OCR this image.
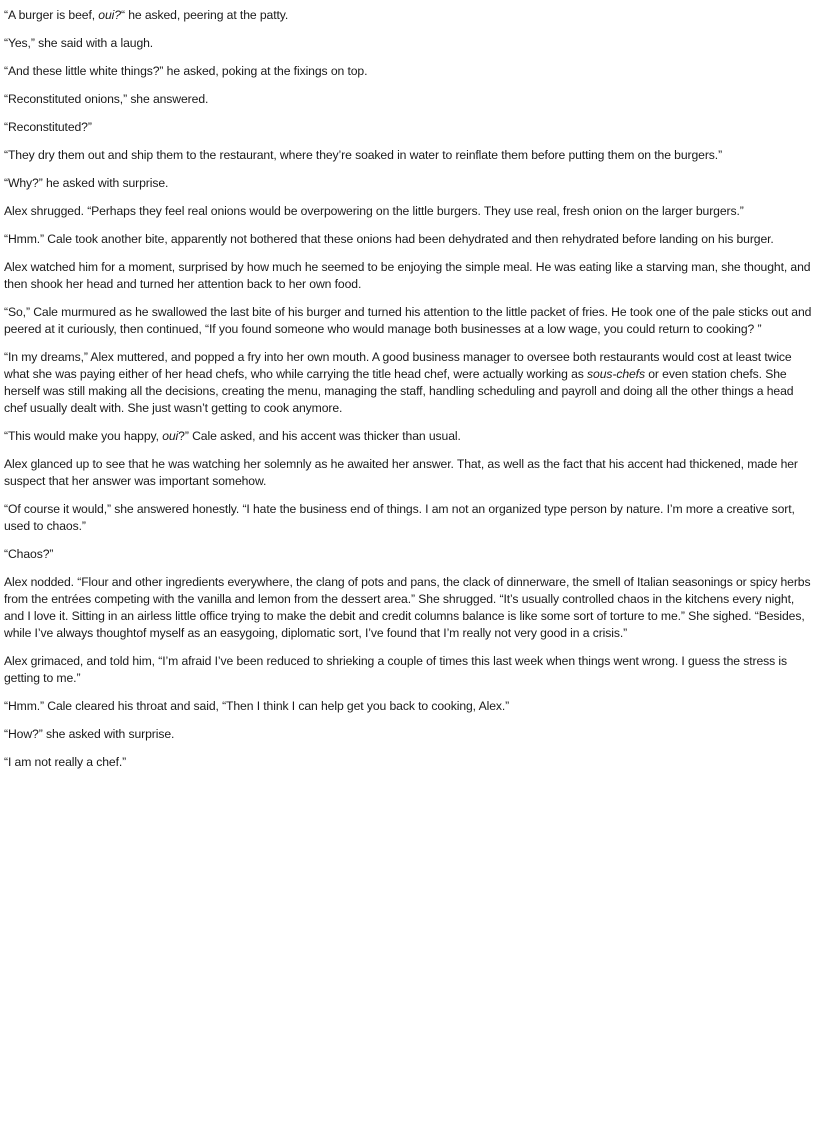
“A burger is beef, oui?“ he asked, peering at the patty.

“Yes,” she said with a laugh.

“And these little white things?” he asked, poking at the fixings on top.

“Reconstituted onions,” she answered.

“Reconstituted?”

“They dry them out and ship them to the restaurant, where they’re soaked in water to reinflate them before putting them on the burgers.”

“Why?” he asked with surprise.

Alex shrugged. “Perhaps they feel real onions would be overpowering on the little burgers. They use real, fresh onion on the larger burgers.”

“Hmm.” Cale took another bite, apparently not bothered that these onions had been dehydrated and then rehydrated before landing on his burger.

Alex watched him for a moment, surprised by how much he seemed to be enjoying the simple meal. He was eating like a starving man, she thought, and then shook her head and turned her attention back to her own food.

“So,” Cale murmured as he swallowed the last bite of his burger and turned his attention to the little packet of fries. He took one of the pale sticks out and peered at it curiously, then continued, “If you found someone who would manage both businesses at a low wage, you could return to cooking? ”

“In my dreams,” Alex muttered, and popped a fry into her own mouth. A good business manager to oversee both restaurants would cost at least twice what she was paying either of her head chefs, who while carrying the title head chef, were actually working as sous-chefs or even station chefs. She herself was still making all the decisions, creating the menu, managing the staff, handling scheduling and payroll and doing all the other things a head chef usually dealt with. She just wasn’t getting to cook anymore.

“This would make you happy, oui?” Cale asked, and his accent was thicker than usual.

Alex glanced up to see that he was watching her solemnly as he awaited her answer. That, as well as the fact that his accent had thickened, made her suspect that her answer was important somehow.

“Of course it would,” she answered honestly. “I hate the business end of things. I am not an organized type person by nature. I’m more a creative sort, used to chaos.”

“Chaos?”

Alex nodded. “Flour and other ingredients everywhere, the clang of pots and pans, the clack of dinnerware, the smell of Italian seasonings or spicy herbs from the entrées competing with the vanilla and lemon from the dessert area.” She shrugged. “It’s usually controlled chaos in the kitchens every night, and I love it. Sitting in an airless little office trying to make the debit and credit columns balance is like some sort of torture to me.” She sighed. “Besides, while I’ve always thoughtof myself as an easygoing, diplomatic sort, I’ve found that I’m really not very good in a crisis.”

Alex grimaced, and told him, “I’m afraid I’ve been reduced to shrieking a couple of times this last week when things went wrong. I guess the stress is getting to me.”

“Hmm.” Cale cleared his throat and said, “Then I think I can help get you back to cooking, Alex.”

“How?” she asked with surprise.

“I am not really a chef.”
